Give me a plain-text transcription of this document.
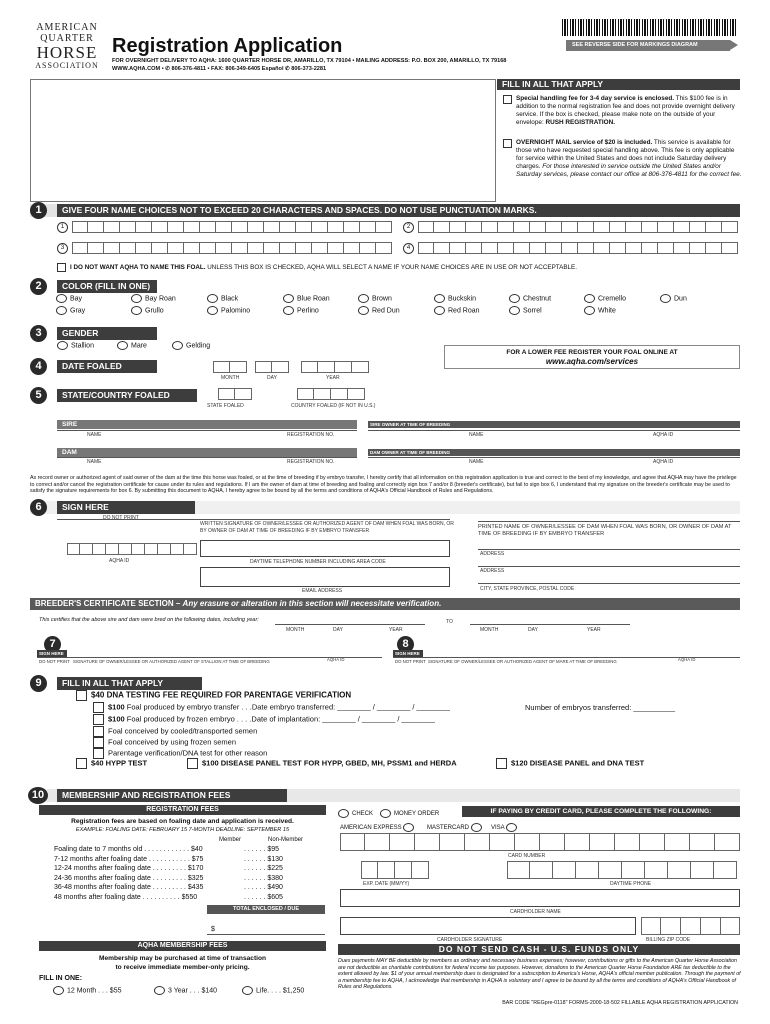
AMERICAN
QUARTER
HORSE
ASSOCIATION
Registration Application	SEE REVERSE SIDE FOR MARKINGS DIAGRAM
FOR OVERNIGHT DELIVERY TO AQHA: 1600 QUARTER HORSE DR, AMARILLO, TX 79104 • MAILING ADDRESS: P.O. BOX 200, AMARILLO, TX 79168
WWW.AQHA.COM • ✆ 806-376-4811 • FAX: 806-349-6405 Español ✆ 806-373-2281
FILL IN ALL THAT APPLY
Special handling fee for 3-4 day service is enclosed. This $100 fee is in addition to the normal registration fee and does not provide overnight delivery service. If the box is checked, please make note on the outside of your envelope: RUSH REGISTRATION.
OVERNIGHT MAIL service of $20 is included. This service is available for those who have requested special handling above. This fee is only applicable for service within the United States and does not include Saturday delivery charges. For those interested in service outside the United States and/or Saturday services, please contact our office at 806-376-4811 for the correct fee.
1	GIVE FOUR NAME CHOICES NOT TO EXCEED 20 CHARACTERS AND SPACES. DO NOT USE PUNCTUATION MARKS.
1	2
3	4
I DO NOT WANT AQHA TO NAME THIS FOAL. UNLESS THIS BOX IS CHECKED, AQHA WILL SELECT A NAME IF YOUR NAME CHOICES ARE IN USE OR NOT ACCEPTABLE.
2	COLOR (FILL IN ONE)
Bay	Bay Roan	Black	Blue Roan	Brown	Buckskin	Chestnut	Cremello	Dun
Gray	Grullo	Palomino	Perlino	Red Dun	Red Roan	Sorrel	White
3	GENDER
Stallion	Mare	Gelding
FOR A LOWER FEE REGISTER YOUR FOAL ONLINE AT
www.aqha.com/services
4	DATE FOALED
MONTH	DAY	YEAR
5	STATE/COUNTRY FOALED
STATE FOALED	COUNTRY FOALED (IF NOT IN U.S.)
SIRE	SIRE OWNER AT TIME OF BREEDING
NAME	REGISTRATION NO.	NAME	AQHA ID
DAM	DAM OWNER AT TIME OF BREEDING
NAME	REGISTRATION NO.	NAME	AQHA ID
As record owner or authorized agent of said owner of the dam at the time this horse was foaled, or at the time of breeding if by embryo transfer, I hereby certify that all information on this registration application is true and correct to the best of my knowledge, and agree that AQHA may have the privilege to correct and/or cancel the registration certificate for cause under its rules and regulations. If I am the owner of dam at time of breeding and foaling and correctly sign box 7 and/or 8 (breeder's certificate), but fail to sign box 6, I understand that my signature on the breeder's certificate may be used to satisfy the signature requirements for box 6. By submitting this document to AQHA, I hereby agree to be bound by all the terms and conditions of AQHA's Official Handbook of Rules and Regulations.
6	SIGN HERE
DO NOT PRINT
WRITTEN SIGNATURE OF OWNER/LESSEE OR AUTHORIZED AGENT OF DAM WHEN FOAL WAS BORN, OR BY OWNER OF DAM AT TIME OF BREEDING IF BY EMBRYO TRANSFER
PRINTED NAME OF OWNER/LESSEE OF DAM WHEN FOAL WAS BORN, OR OWNER OF DAM AT TIME OF BREEDING IF BY EMBRYO TRANSFER
AQHA ID	DAYTIME TELEPHONE NUMBER INCLUDING AREA CODE
ADDRESS
ADDRESS
EMAIL ADDRESS	CITY, STATE PROVINCE, POSTAL CODE
BREEDER'S CERTIFICATE SECTION – Any erasure or alteration in this section will necessitate verification.
This certifies that the above sire and dam were bred on the following dates, including year:
MONTH	DAY	YEAR
TO
MONTH	DAY	YEAR
7
SIGN HERE
DO NOT PRINT SIGNATURE OF OWNER/LESSEE OR AUTHORIZED AGENT OF STALLION AT TIME OF BREEDING	AQHA ID
8
SIGN HERE
DO NOT PRINT SIGNATURE OF OWNER/LESSEE OR AUTHORIZED AGENT OF MARE AT TIME OF BREEDING	AQHA ID
9	FILL IN ALL THAT APPLY
$40 DNA TESTING FEE REQUIRED FOR PARENTAGE VERIFICATION
$100 Foal produced by embryo transfer . . .Date embryo transferred: ________ / ________ / ________	Number of embryos transferred: __________
$100 Foal produced by frozen embryo . . . .Date of implantation: ________ / ________ / ________
Foal conceived by cooled/transported semen
Foal conceived by using frozen semen
Parentage verification/DNA test for other reason
$40 HYPP TEST	$100 DISEASE PANEL TEST FOR HYPP, GBED, MH, PSSM1 and HERDA	$120 DISEASE PANEL and DNA TEST
10	MEMBERSHIP AND REGISTRATION FEES
REGISTRATION FEES
Registration fees are based on foaling date and application is received.
EXAMPLE: FOALING DATE: FEBRUARY 15 7-MONTH DEADLINE: SEPTEMBER 15
Member	Non-Member
Foaling date to 7 months old . . . . . . . . . . . . $40	. . . . . . $95
7-12 months after foaling date . . . . . . . . . . . $75	. . . . . . $130
12-24 months after foaling date . . . . . . . . . $170	. . . . . . $225
24-36 months after foaling date . . . . . . . . . $325	. . . . . . $380
36-48 months after foaling date . . . . . . . . . $435	. . . . . . $490
48 months after foaling date . . . . . . . . . . $550	. . . . . . $605
TOTAL ENCLOSED / DUE
$
AQHA MEMBERSHIP FEES
Membership may be purchased at time of transaction
to receive immediate member-only pricing.
FILL IN ONE:
12 Month . . . $55	3 Year . . . $140	Life. . . . $1,250
CHECK	MONEY ORDER	IF PAYING BY CREDIT CARD, PLEASE COMPLETE THE FOLLOWING:
AMERICAN EXPRESS	MASTERCARD	VISA
CARD NUMBER
EXP. DATE (MM/YY)	DAYTIME PHONE
CARDHOLDER NAME
CARDHOLDER SIGNATURE	BILLING ZIP CODE
DO NOT SEND CASH - U.S. FUNDS ONLY
Dues payments MAY BE deductible by members as ordinary and necessary business expenses; however, contributions or gifts to the American Quarter Horse Association are not deductible as charitable contributions for federal income tax purposes. However, donations to the American Quarter Horse Foundation ARE tax deductible to the extent allowed by law. $1 of your annual membership dues is designated for a subscription to America's Horse, AQHA's official member publication. Through the payment of a membership fee to AQHA, I acknowledge that membership in AQHA is voluntary and I agree to be bound by all the terms and conditions of AQHA's Official Handbook of Rules and Regulations.
BAR CODE "REGpre-0118" FORMS-2000-18-502 FILLABLE AQHA REGISTRATION APPLICATION
